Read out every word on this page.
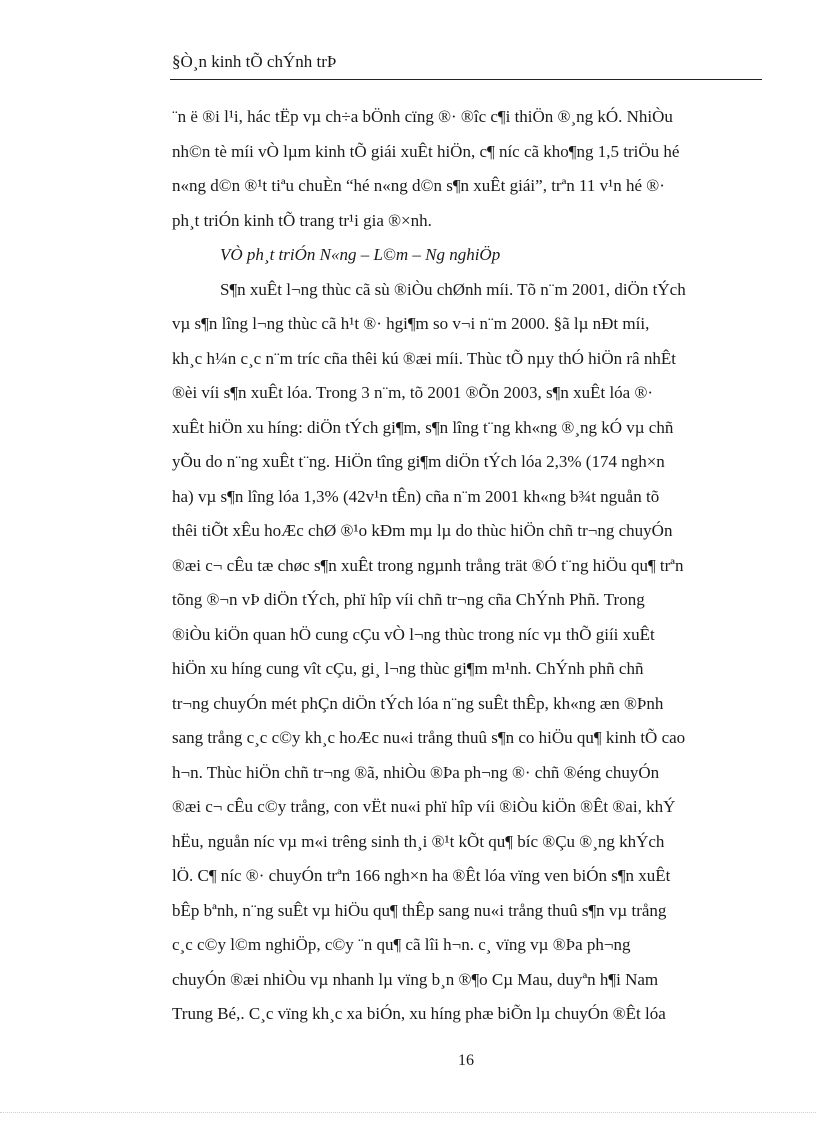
§Ò¸n kinh tÕ chÝnh trÞ
¨n ë ®i l¹i, hác tËp vµ ch÷a bÖnh cïng ®· ®îc c¶i thiÖn ®¸ng kÓ. NhiÒu
nh©n tè míi vÒ lµm kinh tÕ giái xuÊt hiÖn, c¶ níc cã kho¶ng 1,5 triÖu hé
n«ng d©n ®¹t tiªu chuÈn “hé n«ng d©n s¶n xuÊt giái”, trªn 11 v¹n hé ®·
ph¸t triÓn kinh tÕ trang tr¹i gia ®×nh.
VÒ ph¸t triÓn N«ng – L©m – Ng nghiÖp
S¶n xuÊt l¬ng thùc cã sù ®iÒu chØnh míi. Tõ n¨m 2001, diÖn tÝch
vµ s¶n lîng l¬ng thùc cã h¹t ®· hgi¶m so v¬i n¨m 2000. §ã lµ nÐt míi,
kh¸c h¼n c¸c n¨m tríc cña thêi kú ®æi míi. Thùc tÕ nµy thÓ hiÖn râ nhÊt
®èi víi s¶n xuÊt lóa. Trong 3 n¨m, tõ 2001 ®Õn 2003, s¶n xuÊt lóa ®·
xuÊt hiÖn xu híng: diÖn tÝch gi¶m, s¶n lîng t¨ng kh«ng ®¸ng kÓ vµ chñ
yÕu do n¨ng xuÊt t¨ng. HiÖn tîng gi¶m diÖn tÝch lóa 2,3% (174 ngh×n
ha) vµ s¶n lîng lóa 1,3% (42v¹n tÊn) cña n¨m 2001 kh«ng b¾t nguån tõ
thêi tiÕt xÊu hoÆc chØ ®¹o kÐm mµ lµ do thùc hiÖn chñ tr¬ng chuyÓn
®æi c¬ cÊu tæ chøc s¶n xuÊt trong ngµnh trång trät ®Ó t¨ng hiÖu qu¶ trªn
tõng ®¬n vÞ diÖn tÝch, phï hîp víi chñ tr¬ng cña ChÝnh Phñ. Trong
®iÒu kiÖn quan hÖ cung cÇu vÒ l¬ng thùc trong níc vµ thÕ giíi xuÊt
hiÖn xu híng cung vît cÇu, gi¸ l¬ng thùc gi¶m m¹nh. ChÝnh phñ chñ
tr¬ng chuyÓn mét phÇn diÖn tÝch lóa n¨ng suÊt thÊp, kh«ng æn ®Þnh
sang trång c¸c c©y kh¸c hoÆc nu«i trång thuû s¶n co hiÖu qu¶ kinh tÕ cao
h¬n. Thùc hiÖn chñ tr¬ng ®ã, nhiÒu ®Þa ph¬ng ®· chñ ®éng chuyÓn
®æi c¬ cÊu c©y trång, con vËt nu«i phï hîp víi ®iÒu kiÖn ®Êt ®ai, khÝ
hËu, nguån níc vµ m«i trêng sinh th¸i ®¹t kÕt qu¶ bíc ®Çu ®¸ng khÝch
lÖ. C¶ níc ®· chuyÓn trªn 166 ngh×n ha ®Êt lóa vïng ven biÓn s¶n xuÊt
bÊp bªnh, n¨ng suÊt vµ hiÖu qu¶ thÊp sang nu«i trång thuû s¶n vµ trång
c¸c c©y l©m nghiÖp, c©y ¨n qu¶ cã lîi h¬n. c¸ vïng vµ ®Þa ph¬ng
chuyÓn ®æi nhiÒu vµ nhanh lµ vïng b¸n ®¶o Cµ Mau, duyªn h¶i Nam
Trung Bé,. C¸c vïng kh¸c xa biÓn, xu híng phæ biÕn lµ chuyÓn ®Êt lóa
16
